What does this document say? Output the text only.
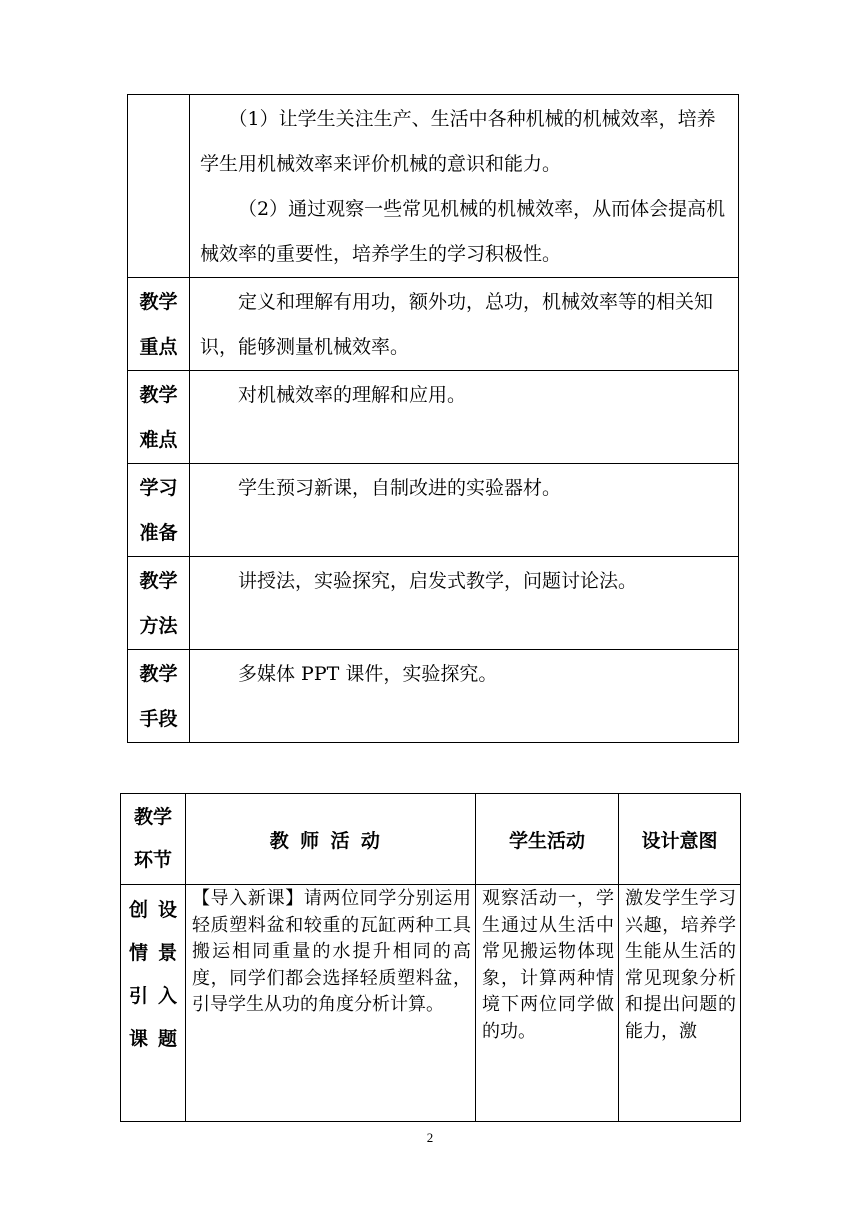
	（1）让学生关注生产、生活中各种机械的机械效率，培养学生用机械效率来评价机械的意识和能力。

（2）通过观察一些常见机械的机械效率，从而体会提高机械效率的重要性，培养学生的学习积极性。

教学
重点	定义和理解有用功，额外功，总功，机械效率等的相关知识，能够测量机械效率。

教学
难点	对机械效率的理解和应用。

学习
准备	学生预习新课，自制改进的实验器材。

教学
方法	讲授法，实验探究，启发式教学，问题讨论法。

教学
手段	多媒体 PPT 课件，实验探究。

教学
环节	教师活动	学生活动	设计意图

创设
情景
引入
课题	【导入新课】请两位同学分别运用轻质塑料盆和较重的瓦缸两种工具搬运相同重量的水提升相同的高度，同学们都会选择轻质塑料盆，引导学生从功的角度分析计算。	观察活动一，学生通过从生活中常见搬运物体现象，计算两种情境下两位同学做的功。	激发学生学习兴趣，培养学生能从生活的常见现象分析和提出问题的能力，激
2
